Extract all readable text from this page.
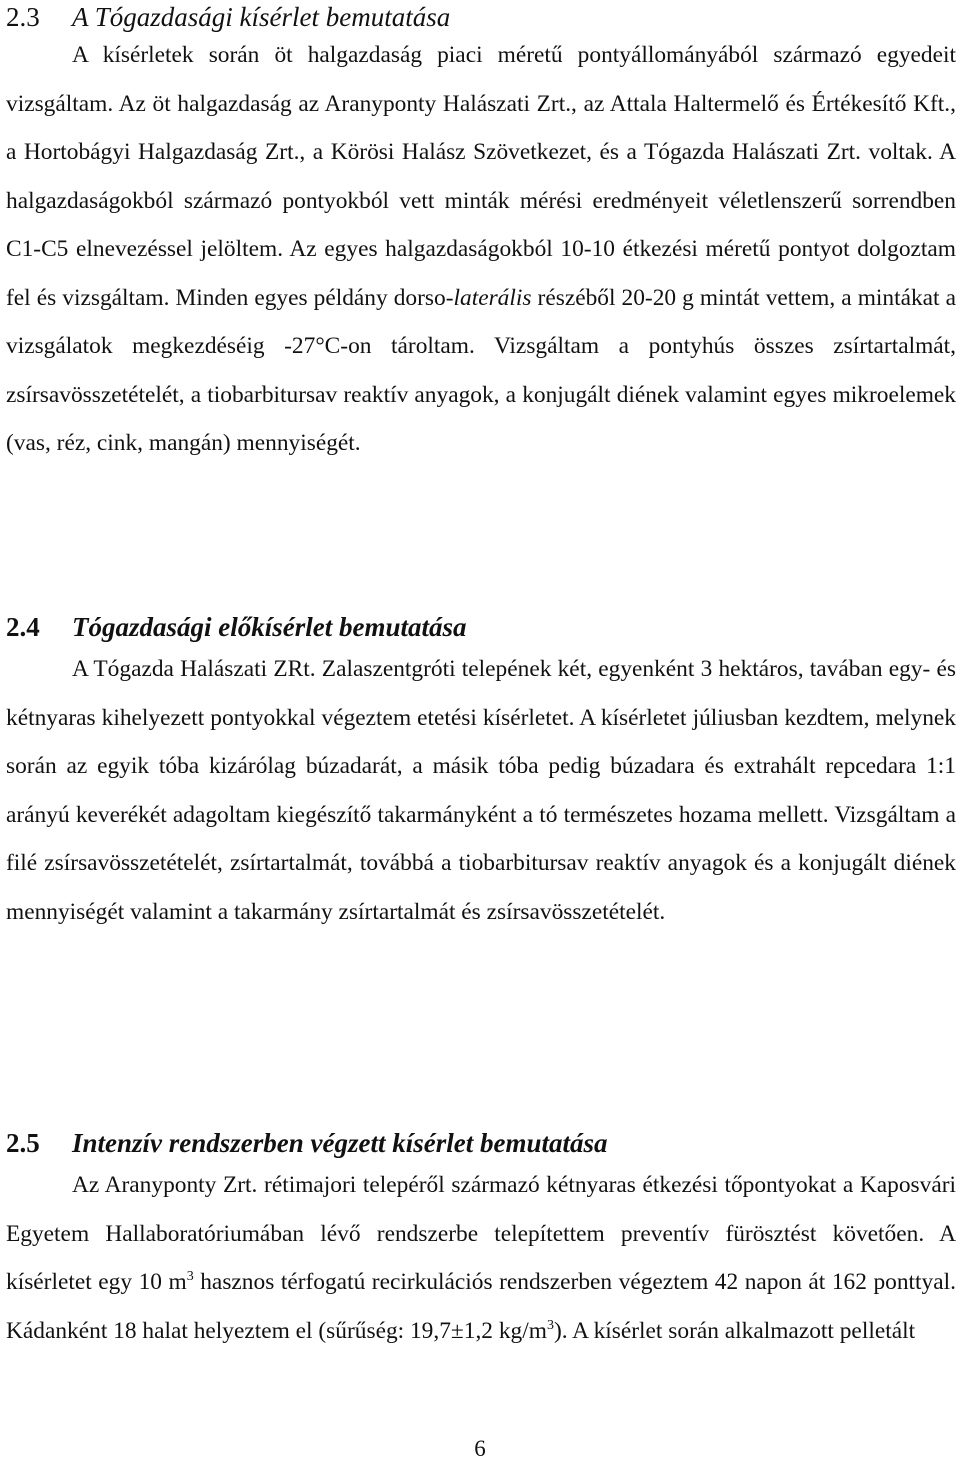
2.3 A Tógazdasági kísérlet bemutatása

A kísérletek során öt halgazdaság piaci méretű pontyállományából származó egyedeit vizsgáltam. Az öt halgazdaság az Aranyponty Halászati Zrt., az Attala Haltermelő és Értékesítő Kft., a Hortobágyi Halgazdaság Zrt., a Körösi Halász Szövetkezet, és a Tógazda Halászati Zrt. voltak. A halgazdaságokból származó pontyokból vett minták mérési eredményeit véletlenszerű sorrendben C1-C5 elnevezéssel jelöltem. Az egyes halgazdaságokból 10-10 étkezési méretű pontyot dolgoztam fel és vizsgáltam. Minden egyes példány dorso-laterális részéből 20-20 g mintát vettem, a mintákat a vizsgálatok megkezdéséig -27°C-on tároltam. Vizsgáltam a pontyhús összes zsírtartalmát, zsírsavösszetételét, a tiobarbitursav reaktív anyagok, a konjugált diének valamint egyes mikroelemek (vas, réz, cink, mangán) mennyiségét.

2.4 Tógazdasági előkísérlet bemutatása

A Tógazda Halászati ZRt. Zalaszentgróti telepének két, egyenként 3 hektáros, tavában egy- és kétnyaras kihelyezett pontyokkal végeztem etetési kísérletet. A kísérletet júliusban kezdtem, melynek során az egyik tóba kizárólag búzadarát, a másik tóba pedig búzadara és extrahált repcedara 1:1 arányú keverékét adagoltam kiegészítő takarmányként a tó természetes hozama mellett. Vizsgáltam a filé zsírsavösszetételét, zsírtartalmát, továbbá a tiobarbitursav reaktív anyagok és a konjugált diének mennyiségét valamint a takarmány zsírtartalmát és zsírsavösszetételét.

2.5 Intenzív rendszerben végzett kísérlet bemutatása

Az Aranyponty Zrt. rétimajori telepéről származó kétnyaras étkezési tőpontyokat a Kaposvári Egyetem Hallaboratóriumában lévő rendszerbe telepítettem preventív fürösztést követően. A kísérletet egy 10 $m^3$ hasznos térfogatú recirkulációs rendszerben végeztem 42 napon át 162 ponttyal. Kádanként 18 halat helyeztem el (sűrűség: 19,7±1,2 $kg/m^3$). A kísérlet során alkalmazott pelletált

6
